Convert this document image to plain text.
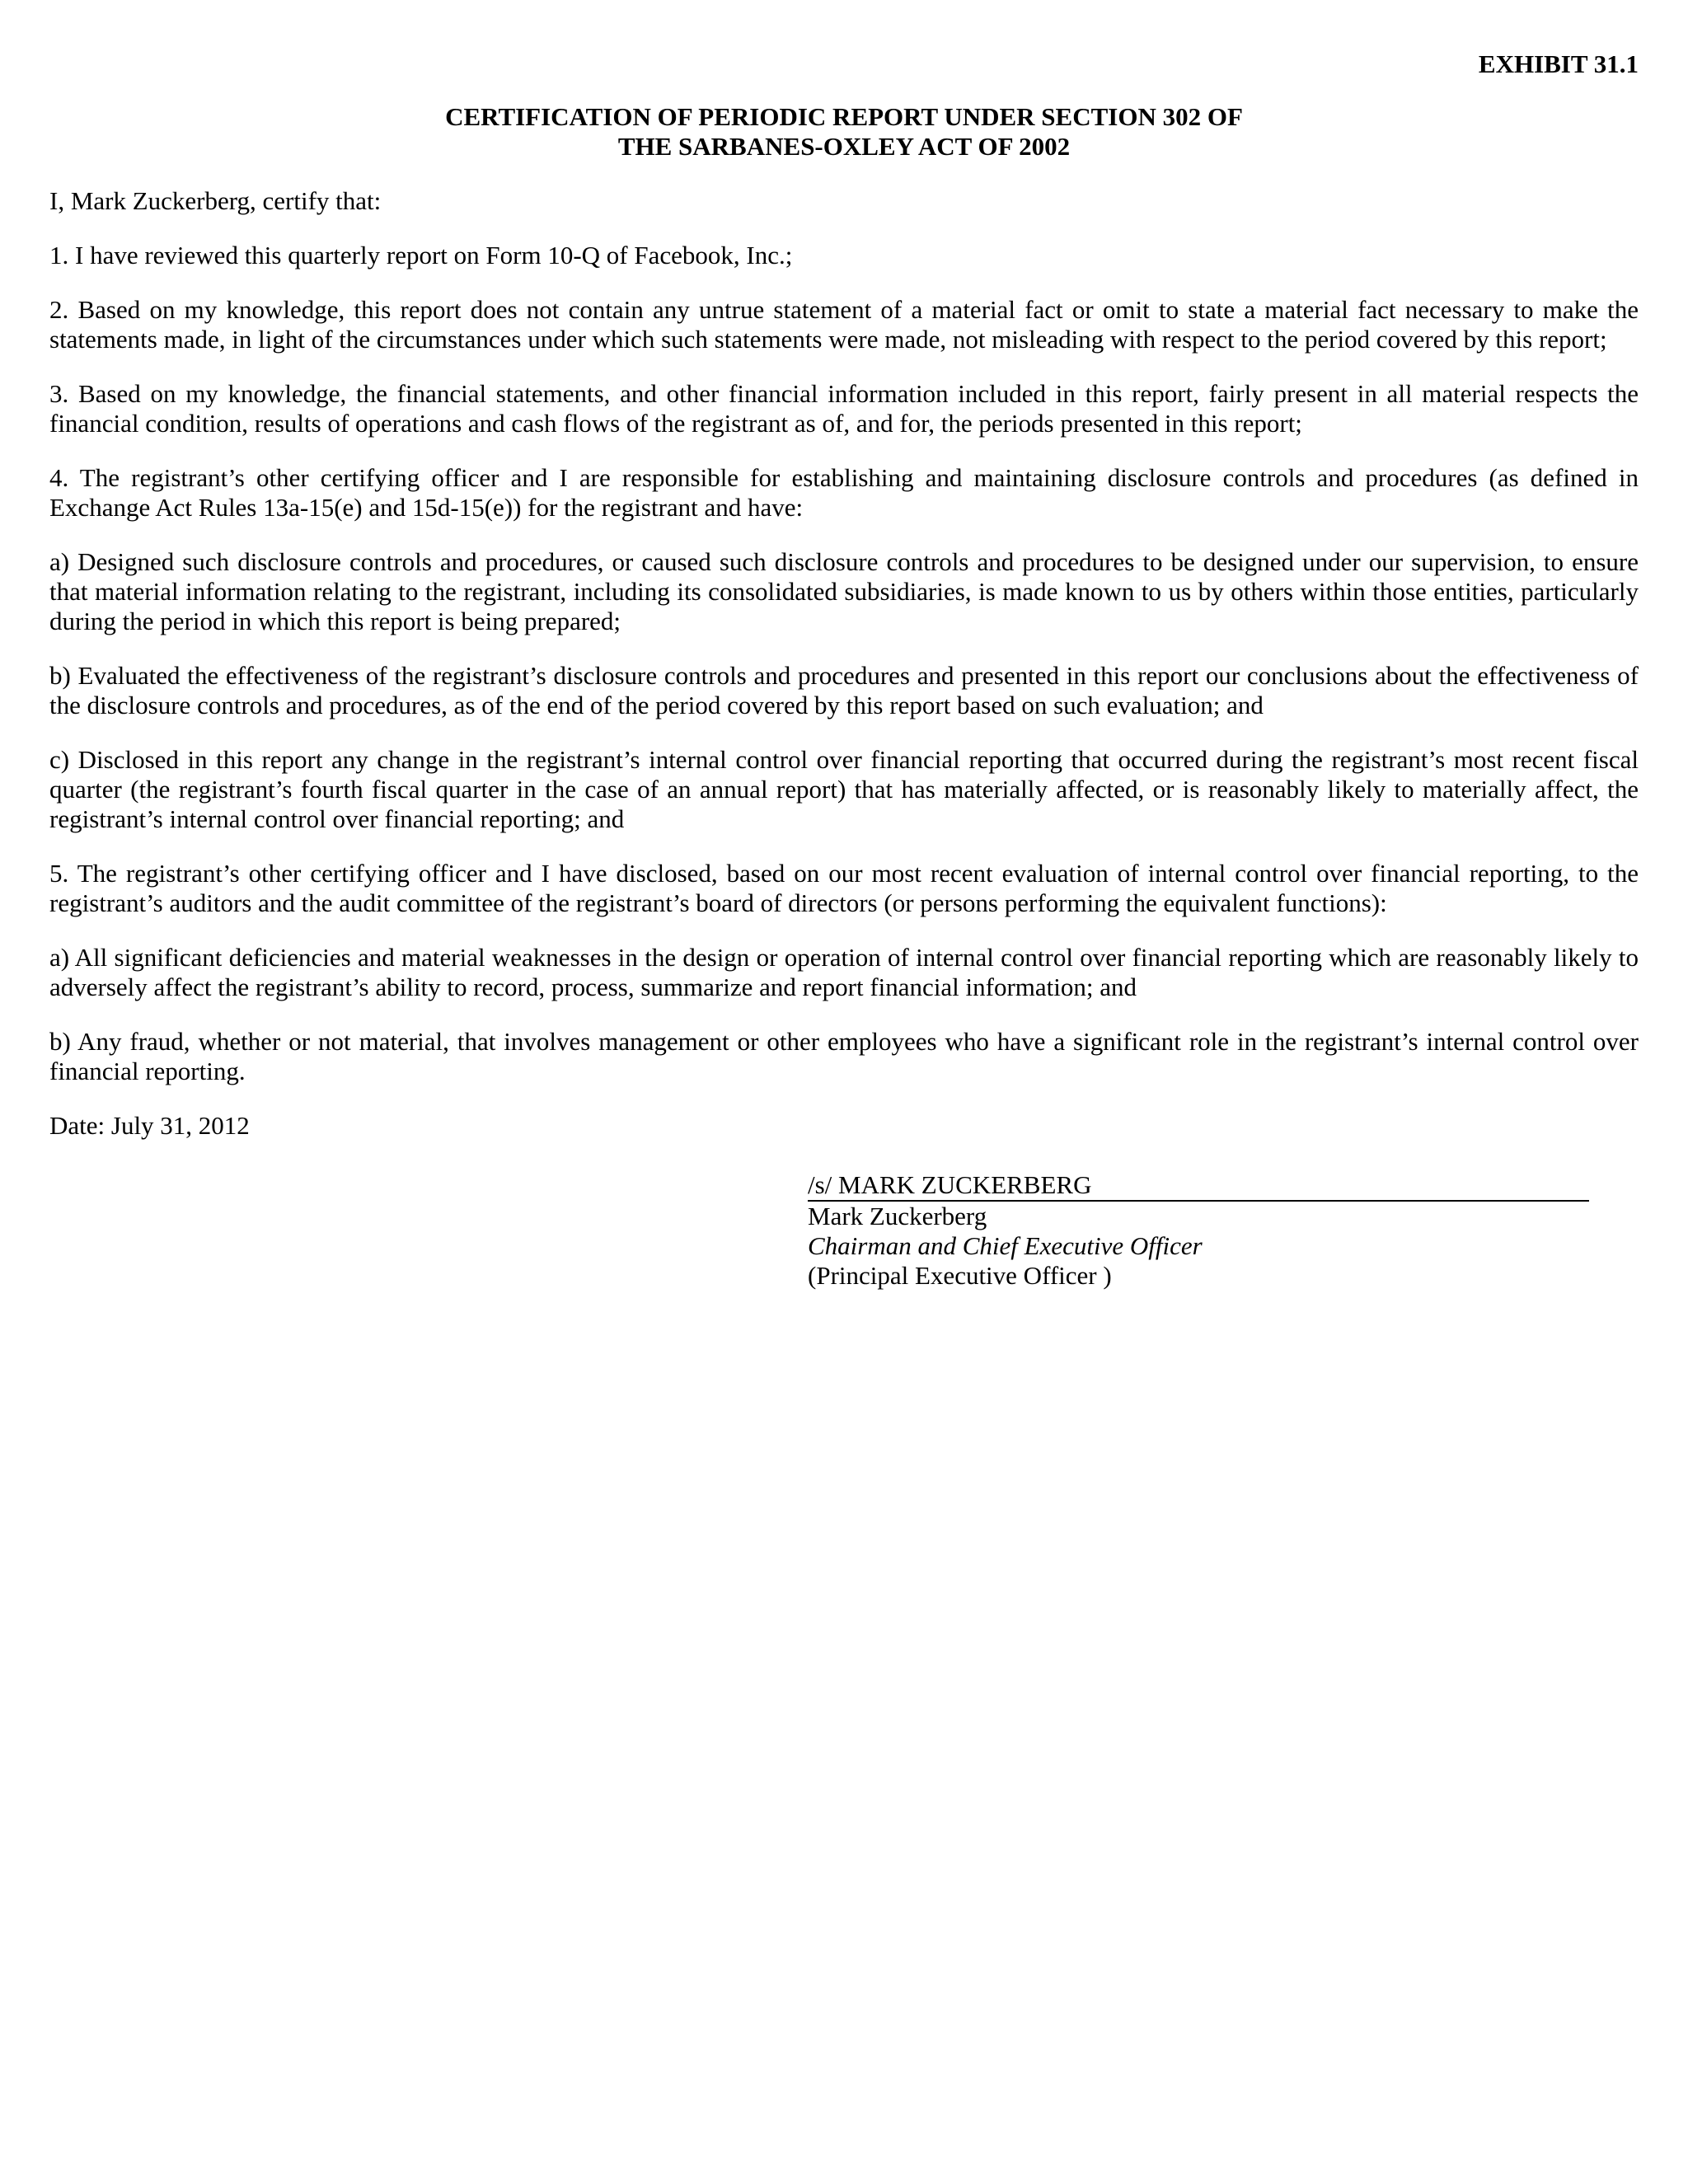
EXHIBIT 31.1
CERTIFICATION OF PERIODIC REPORT UNDER SECTION 302 OF
THE SARBANES-OXLEY ACT OF 2002

I, Mark Zuckerberg, certify that:

1. I have reviewed this quarterly report on Form 10-Q of Facebook, Inc.;

2. Based on my knowledge, this report does not contain any untrue statement of a material fact or omit to state a material fact necessary to make the statements made, in light of the circumstances under which such statements were made, not misleading with respect to the period covered by this report;

3. Based on my knowledge, the financial statements, and other financial information included in this report, fairly present in all material respects the financial condition, results of operations and cash flows of the registrant as of, and for, the periods presented in this report;

4. The registrant’s other certifying officer and I are responsible for establishing and maintaining disclosure controls and procedures (as defined in Exchange Act Rules 13a-15(e) and 15d-15(e)) for the registrant and have:

a) Designed such disclosure controls and procedures, or caused such disclosure controls and procedures to be designed under our supervision, to ensure that material information relating to the registrant, including its consolidated subsidiaries, is made known to us by others within those entities, particularly during the period in which this report is being prepared;

b) Evaluated the effectiveness of the registrant’s disclosure controls and procedures and presented in this report our conclusions about the effectiveness of the disclosure controls and procedures, as of the end of the period covered by this report based on such evaluation; and

c) Disclosed in this report any change in the registrant’s internal control over financial reporting that occurred during the registrant’s most recent fiscal quarter (the registrant’s fourth fiscal quarter in the case of an annual report) that has materially affected, or is reasonably likely to materially affect, the registrant’s internal control over financial reporting; and

5. The registrant’s other certifying officer and I have disclosed, based on our most recent evaluation of internal control over financial reporting, to the registrant’s auditors and the audit committee of the registrant’s board of directors (or persons performing the equivalent functions):

a) All significant deficiencies and material weaknesses in the design or operation of internal control over financial reporting which are reasonably likely to adversely affect the registrant’s ability to record, process, summarize and report financial information; and

b) Any fraud, whether or not material, that involves management or other employees who have a significant role in the registrant’s internal control over financial reporting.

Date: July 31, 2012

/s/ MARK ZUCKERBERG
Mark Zuckerberg
Chairman and Chief Executive Officer
(Principal Executive Officer )
